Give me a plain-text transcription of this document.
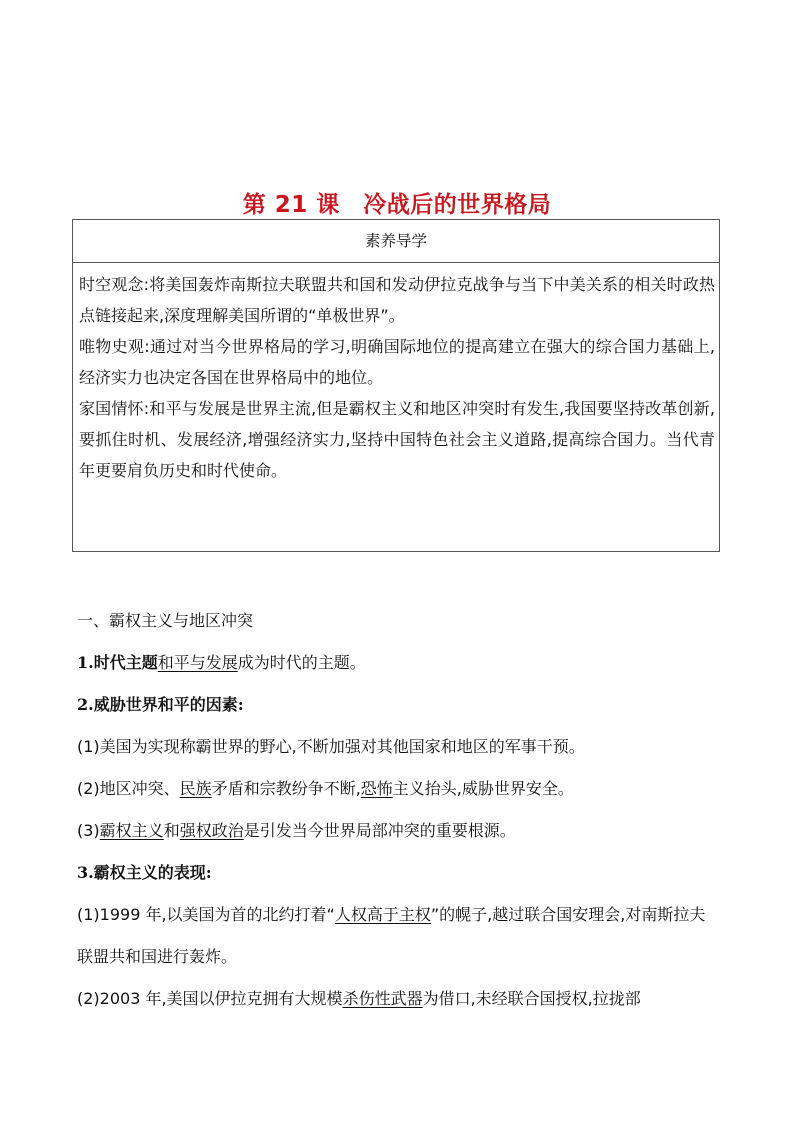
第 21 课　冷战后的世界格局
素养导学

时空观念:将美国轰炸南斯拉夫联盟共和国和发动伊拉克战争与当下中美关系的相关时政热点链接起来,深度理解美国所谓的“单极世界”。

唯物史观:通过对当今世界格局的学习,明确国际地位的提高建立在强大的综合国力基础上,经济实力也决定各国在世界格局中的地位。

家国情怀:和平与发展是世界主流,但是霸权主义和地区冲突时有发生,我国要坚持改革创新,要抓住时机、发展经济,增强经济实力,坚持中国特色社会主义道路,提高综合国力。当代青年更要肩负历史和时代使命。

一、霸权主义与地区冲突

1.时代主题和平与发展成为时代的主题。

2.威胁世界和平的因素:

(1)美国为实现称霸世界的野心,不断加强对其他国家和地区的军事干预。

(2)地区冲突、民族矛盾和宗教纷争不断,恐怖主义抬头,威胁世界安全。

(3)霸权主义和强权政治是引发当今世界局部冲突的重要根源。

3.霸权主义的表现:

(1)1999 年,以美国为首的北约打着“人权高于主权”的幌子,越过联合国安理会,对南斯拉夫联盟共和国进行轰炸。

(2)2003 年,美国以伊拉克拥有大规模杀伤性武器为借口,未经联合国授权,拉拢部
